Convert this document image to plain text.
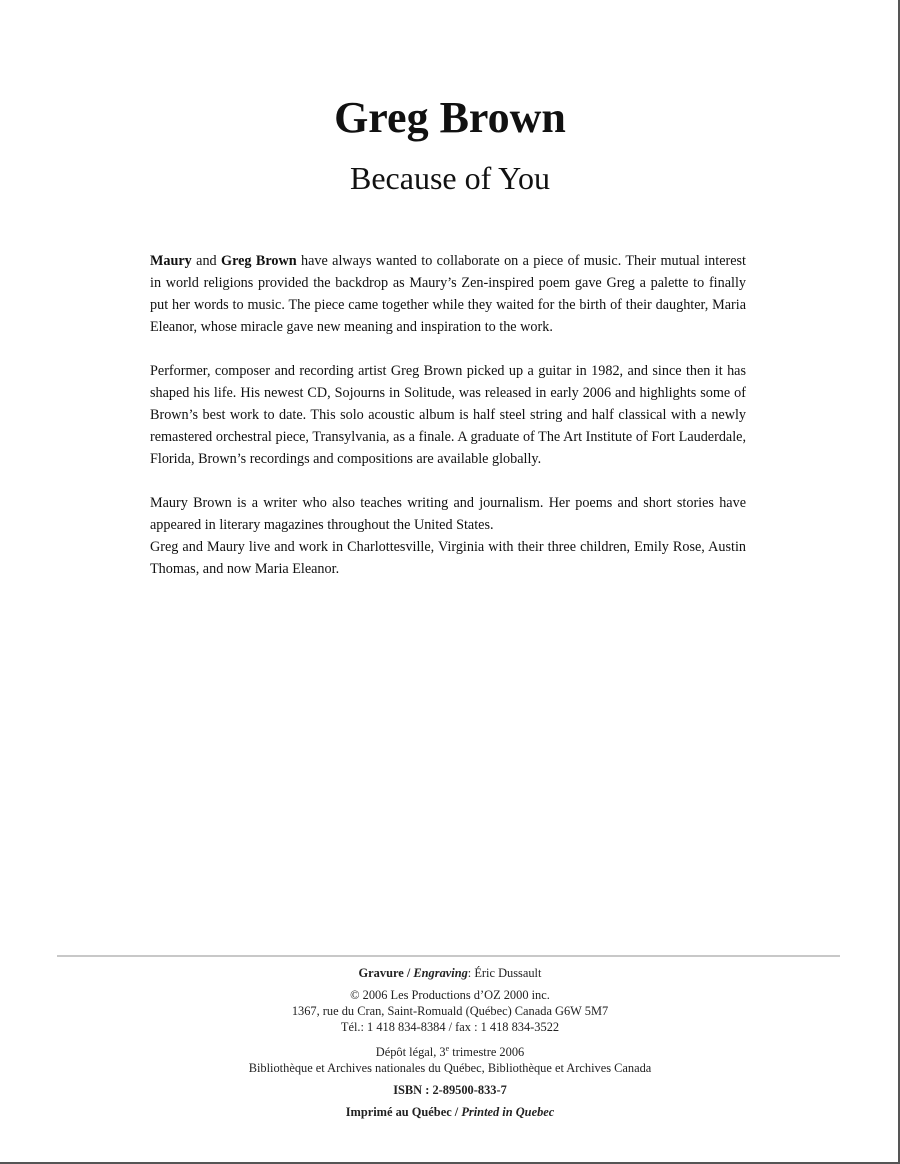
Greg Brown
Because of You

Maury and Greg Brown have always wanted to collaborate on a piece of music. Their mutual interest in world religions provided the backdrop as Maury’s Zen-inspired poem gave Greg a palette to finally put her words to music. The piece came together while they waited for the birth of their daughter, Maria Eleanor, whose miracle gave new meaning and inspiration to the work.

Performer, composer and recording artist Greg Brown picked up a guitar in 1982, and since then it has shaped his life. His newest CD, Sojourns in Solitude, was released in early 2006 and highlights some of Brown’s best work to date. This solo acoustic album is half steel string and half classical with a newly remastered orchestral piece, Transylvania, as a finale. A graduate of The Art Institute of Fort Lauderdale, Florida, Brown’s recordings and compositions are available globally.

Maury Brown is a writer who also teaches writing and journalism. Her poems and short stories have appeared in literary magazines throughout the United States.

Greg and Maury live and work in Charlottesville, Virginia with their three children, Emily Rose, Austin Thomas, and now Maria Eleanor.

Gravure / Engraving: Éric Dussault
© 2006 Les Productions d’OZ 2000 inc.
1367, rue du Cran, Saint-Romuald (Québec) Canada G6W 5M7
Tél.: 1 418 834-8384 / fax : 1 418 834-3522
Dépôt légal, 3e trimestre 2006
Bibliothèque et Archives nationales du Québec, Bibliothèque et Archives Canada
ISBN : 2-89500-833-7
Imprimé au Québec / Printed in Quebec
